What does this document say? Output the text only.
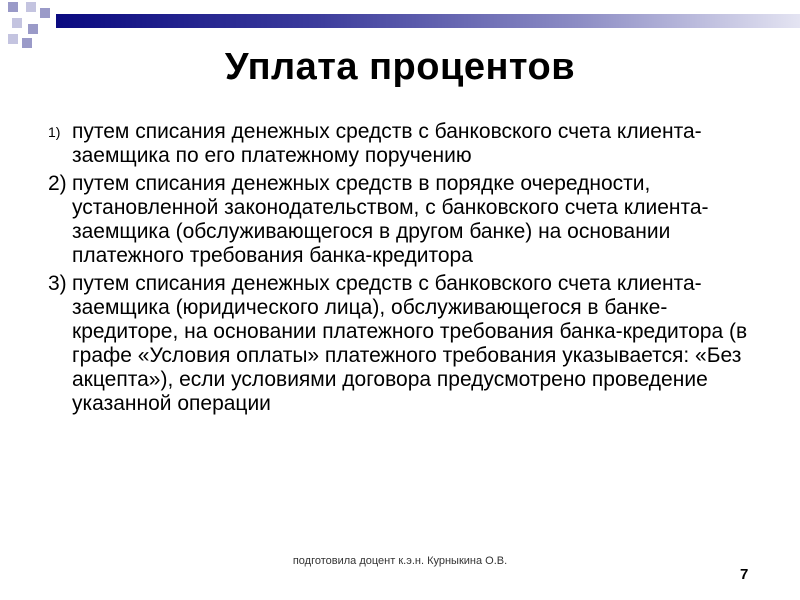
Уплата процентов
1) путем списания денежных средств с банковского счета клиента-заемщика по его платежному поручению
2) путем списания денежных средств в порядке очередности, установленной законодательством, с банковского счета клиента-заемщика (обслуживающегося в другом банке) на основании платежного требования банка-кредитора
3) путем списания денежных средств с банковского счета клиента-заемщика (юридического лица), обслуживающегося в банке-кредиторе, на основании платежного требования банка-кредитора (в графе «Условия оплаты» платежного требования указывается: «Без акцепта»), если условиями договора предусмотрено проведение указанной операции
подготовила доцент к.э.н. Курныкина О.В.
7
